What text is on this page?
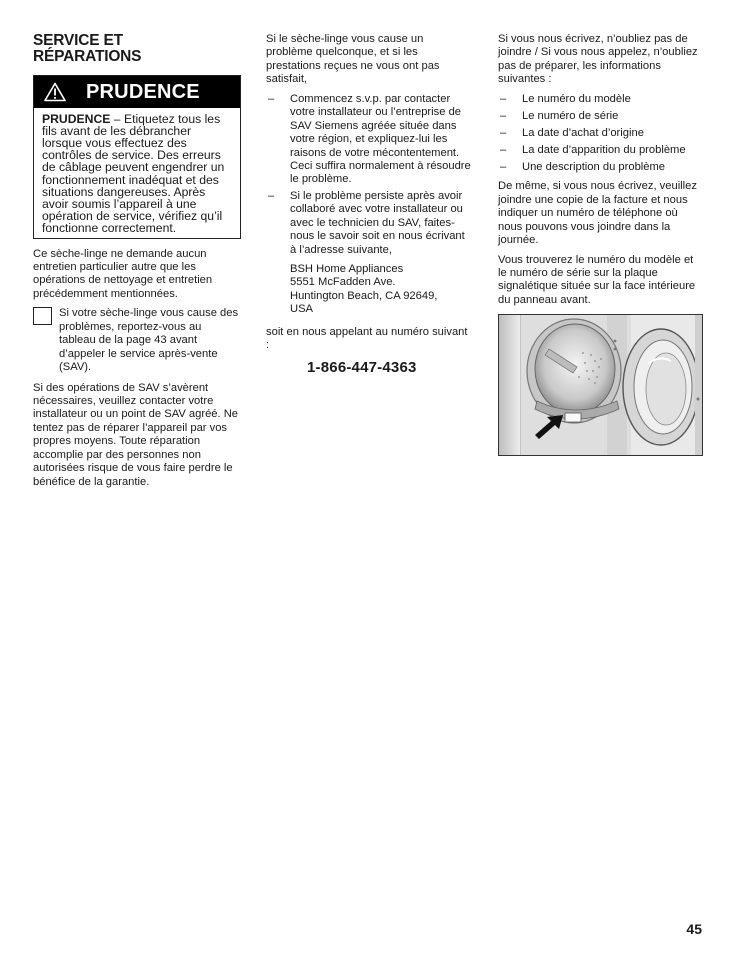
SERVICE ET
RÉPARATIONS
PRUDENCE
PRUDENCE – Etiquetez tous les fils avant de les débrancher lorsque vous effectuez des contrôles de service. Des erreurs de câblage peuvent engendrer un fonctionnement inadéquat et des situations dangereuses. Après avoir soumis l’appareil à une opération de service, vérifiez qu’il fonctionne correctement.

Ce sèche-linge ne demande aucun entretien particulier autre que les opérations de nettoyage et entretien précédemment mentionnées.

Si votre sèche-linge vous cause des problèmes, reportez-vous au tableau de la page 43 avant d’appeler le service après-vente (SAV).

Si des opérations de SAV s’avèrent nécessaires, veuillez contacter votre installateur ou un point de SAV agréé. Ne tentez pas de réparer l’appareil par vos propres moyens. Toute réparation accomplie par des personnes non autorisées risque de vous faire perdre le bénéfice de la garantie.

Si le sèche-linge vous cause un problème quelconque, et si les prestations reçues ne vous ont pas satisfait,

– Commencez s.v.p. par contacter votre installateur ou l’entreprise de SAV Siemens agréée située dans votre région, et expliquez-lui les raisons de votre mécontentement. Ceci suffira normalement à résoudre le problème.
– Si le problème persiste après avoir collaboré avec votre installateur ou avec le technicien du SAV, faites-nous le savoir soit en nous écrivant à l’adresse suivante,
BSH Home Appliances
5551 McFadden Ave.
Huntington Beach, CA 92649,
USA

soit en nous appelant au numéro suivant :

1-866-447-4363

Si vous nous écrivez, n’oubliez pas de joindre / Si vous nous appelez, n’oubliez pas de préparer, les informations suivantes :

– Le numéro du modèle
– Le numéro de série
– La date d’achat d’origine
– La date d’apparition du problème
– Une description du problème

De même, si vous nous écrivez, veuillez joindre une copie de la facture et nous indiquer un numéro de téléphone où nous pouvons vous joindre dans la journée.

Vous trouverez le numéro du modèle et le numéro de série sur la plaque signalétique située sur la face intérieure du panneau avant.

45
